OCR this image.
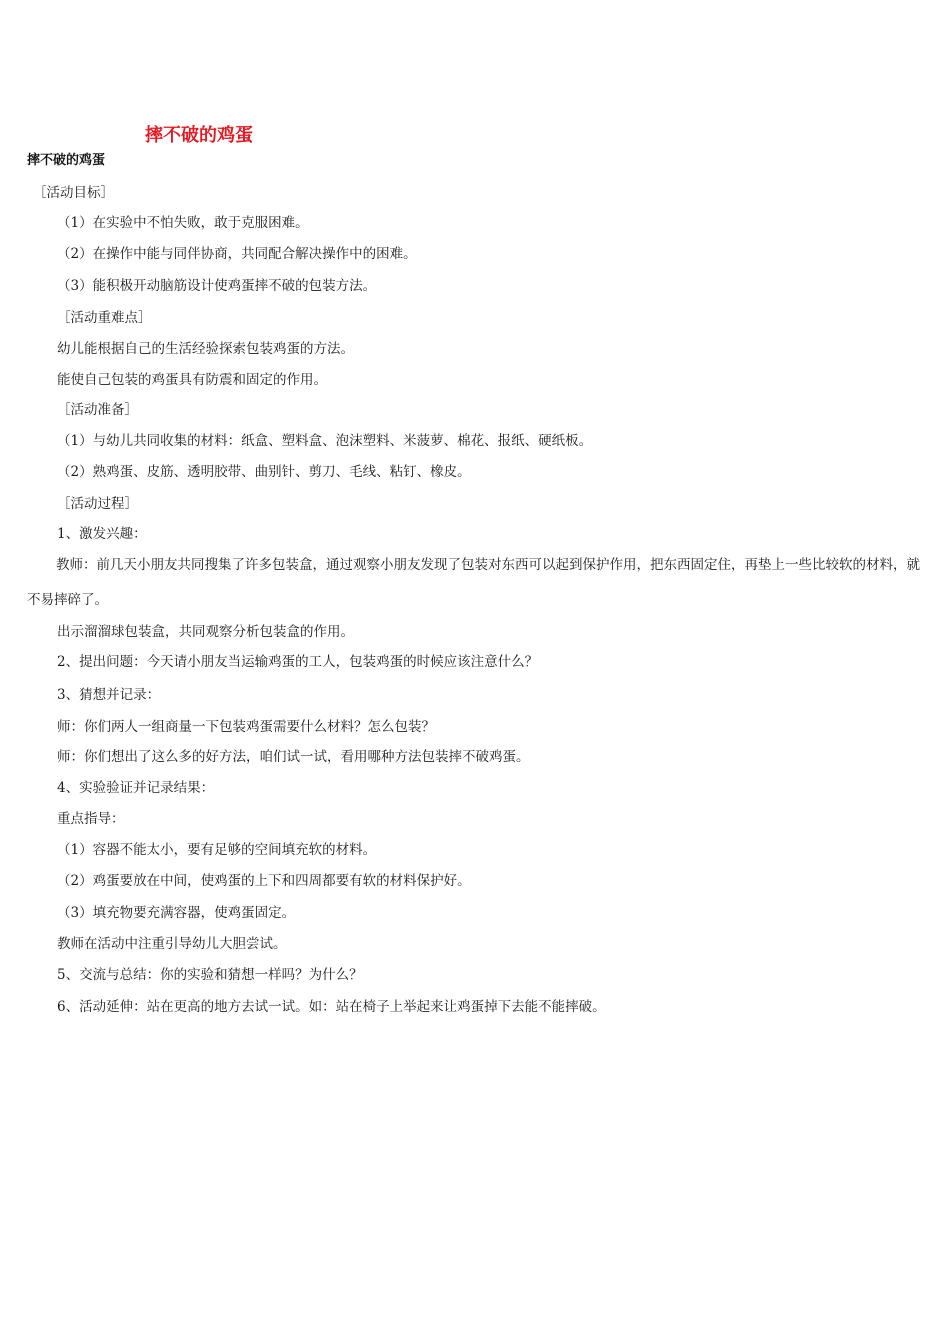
摔不破的鸡蛋
摔不破的鸡蛋
［活动目标］
（1）在实验中不怕失败，敢于克服困难。
（2）在操作中能与同伴协商，共同配合解决操作中的困难。
（3）能积极开动脑筋设计使鸡蛋摔不破的包装方法。
［活动重难点］
幼儿能根据自己的生活经验探索包装鸡蛋的方法。
能使自己包装的鸡蛋具有防震和固定的作用。
［活动准备］
（1）与幼儿共同收集的材料：纸盒、塑料盒、泡沫塑料、米菠萝、棉花、报纸、硬纸板。
（2）熟鸡蛋、皮筋、透明胶带、曲别针、剪刀、毛线、粘钉、橡皮。
［活动过程］
1、激发兴趣：
教师：前几天小朋友共同搜集了许多包装盒，通过观察小朋友发现了包装对东西可以起到保护作用，把东西固定住，再垫上一些比较软的材料，就不易摔碎了。
出示溜溜球包装盒，共同观察分析包装盒的作用。
2、提出问题：今天请小朋友当运输鸡蛋的工人，包装鸡蛋的时候应该注意什么？
3、猜想并记录：
师：你们两人一组商量一下包装鸡蛋需要什么材料？怎么包装？
师：你们想出了这么多的好方法，咱们试一试，看用哪种方法包装摔不破鸡蛋。
4、实验验证并记录结果：
重点指导：
（1）容器不能太小，要有足够的空间填充软的材料。
（2）鸡蛋要放在中间，使鸡蛋的上下和四周都要有软的材料保护好。
（3）填充物要充满容器，使鸡蛋固定。
教师在活动中注重引导幼儿大胆尝试。
5、交流与总结：你的实验和猜想一样吗？为什么？
6、活动延伸：站在更高的地方去试一试。如：站在椅子上举起来让鸡蛋掉下去能不能摔破。
